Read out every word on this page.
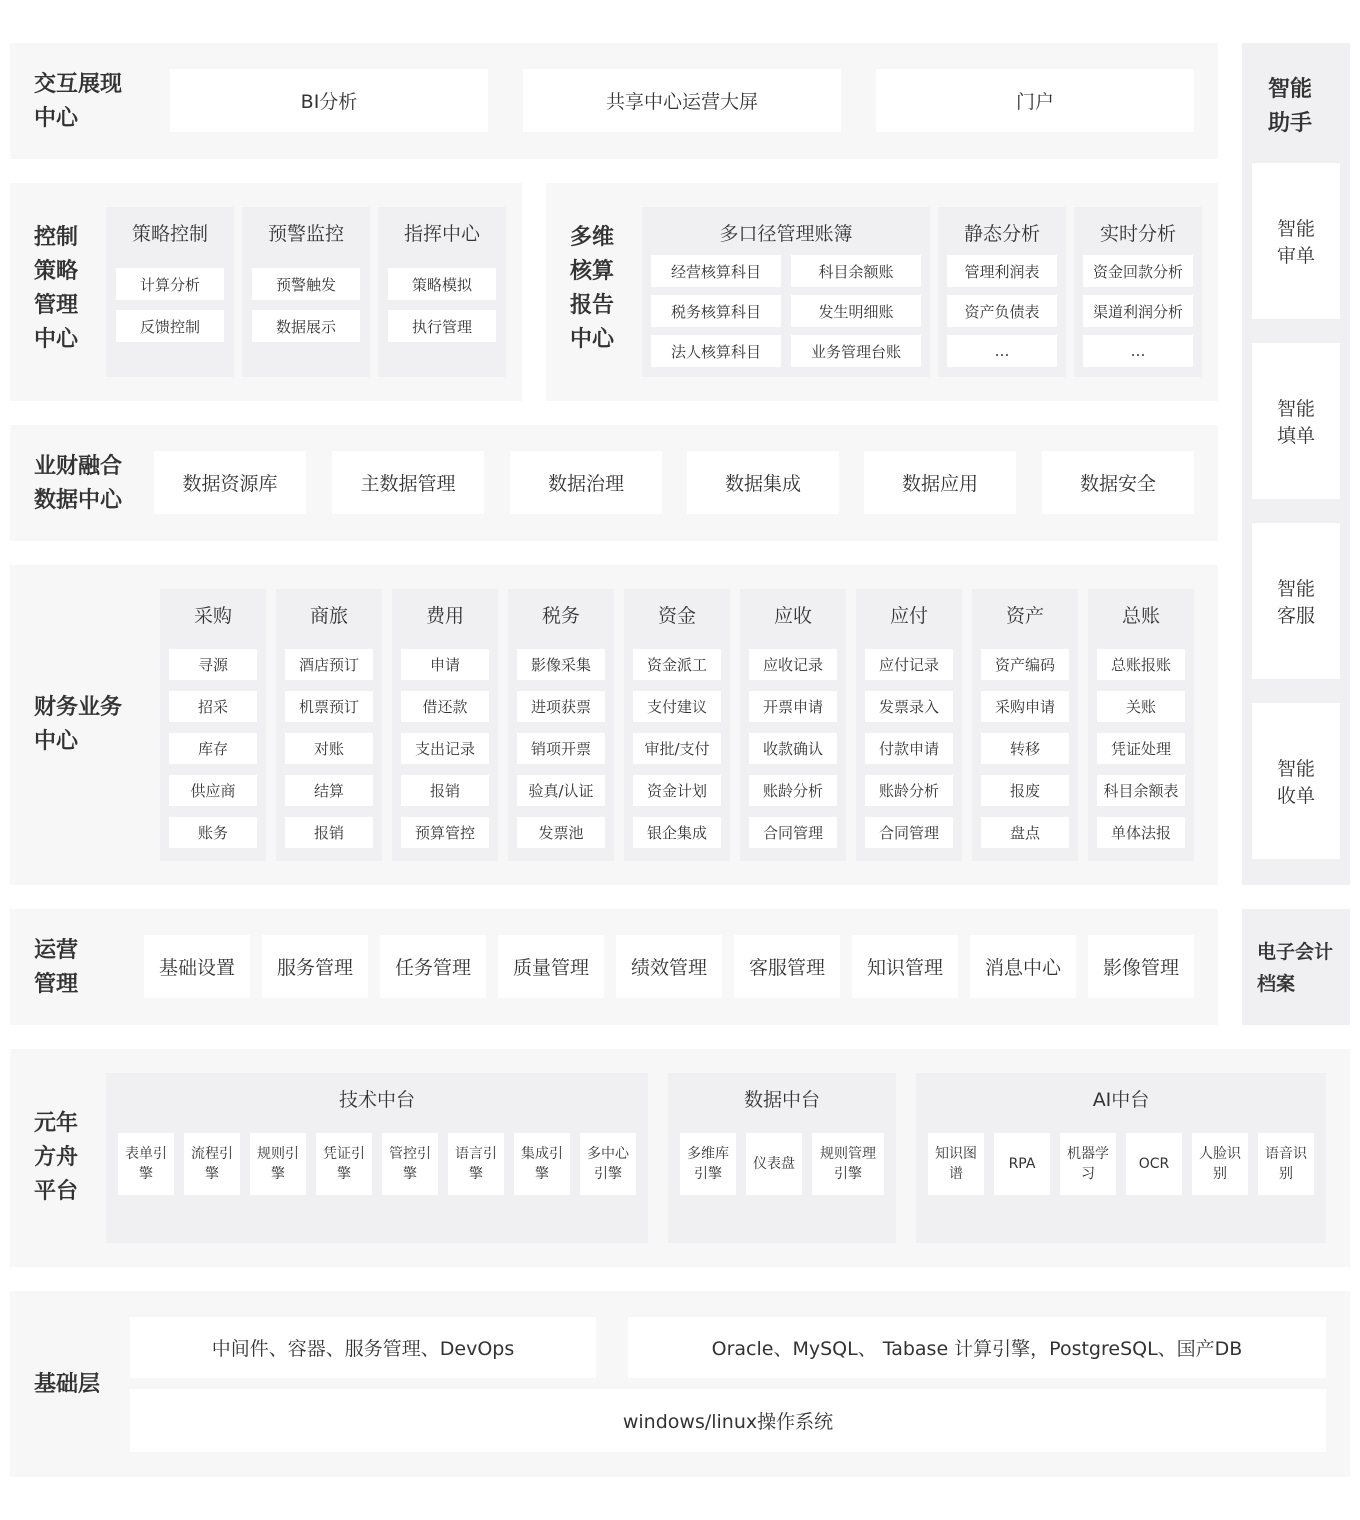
交互展现中心
BI分析	共享中心运营大屏	门户	智能助手
智能审单
智能填单
智能客服
智能收单
控制策略管理中心
策略控制
计算分析
反馈控制
预警监控
预警触发
数据展示
指挥中心
策略模拟
执行管理
多维核算报告中心
多口径管理账簿
经营核算科目	科目余额账
税务核算科目	发生明细账
法人核算科目	业务管理台账
静态分析
管理利润表
资产负债表
…
实时分析
资金回款分析
渠道利润分析
…
业财融合数据中心
数据资源库	主数据管理	数据治理	数据集成	数据应用	数据安全
财务业务中心
采购
寻源
招采
库存
供应商
账务
商旅
酒店预订
机票预订
对账
结算
报销
费用
申请
借还款
支出记录
报销
预算管控
税务
影像采集
进项获票
销项开票
验真/认证
发票池
资金
资金派工
支付建议
审批/支付
资金计划
银企集成
应收
应收记录
开票申请
收款确认
账龄分析
合同管理
应付
应付记录
发票录入
付款申请
账龄分析
合同管理
资产
资产编码
采购申请
转移
报废
盘点
总账
总账报账
关账
凭证处理
科目余额表
单体法报
运营管理
基础设置	服务管理	任务管理	质量管理	绩效管理	客服管理	知识管理	消息中心	影像管理
电子会计档案
元年方舟平台
技术中台
表单引擎
流程引擎
规则引擎
凭证引擎
管控引擎
语言引擎
集成引擎
多中心引擎
数据中台
多维库引擎
仪表盘
规则管理引擎
AI中台
知识图谱
RPA
机器学习
OCR
人脸识别
语音识别
基础层
中间件、容器、服务管理、DevOps	Oracle、MySQL、 Tabase 计算引擎，PostgreSQL、国产DB
windows/linux操作系统
